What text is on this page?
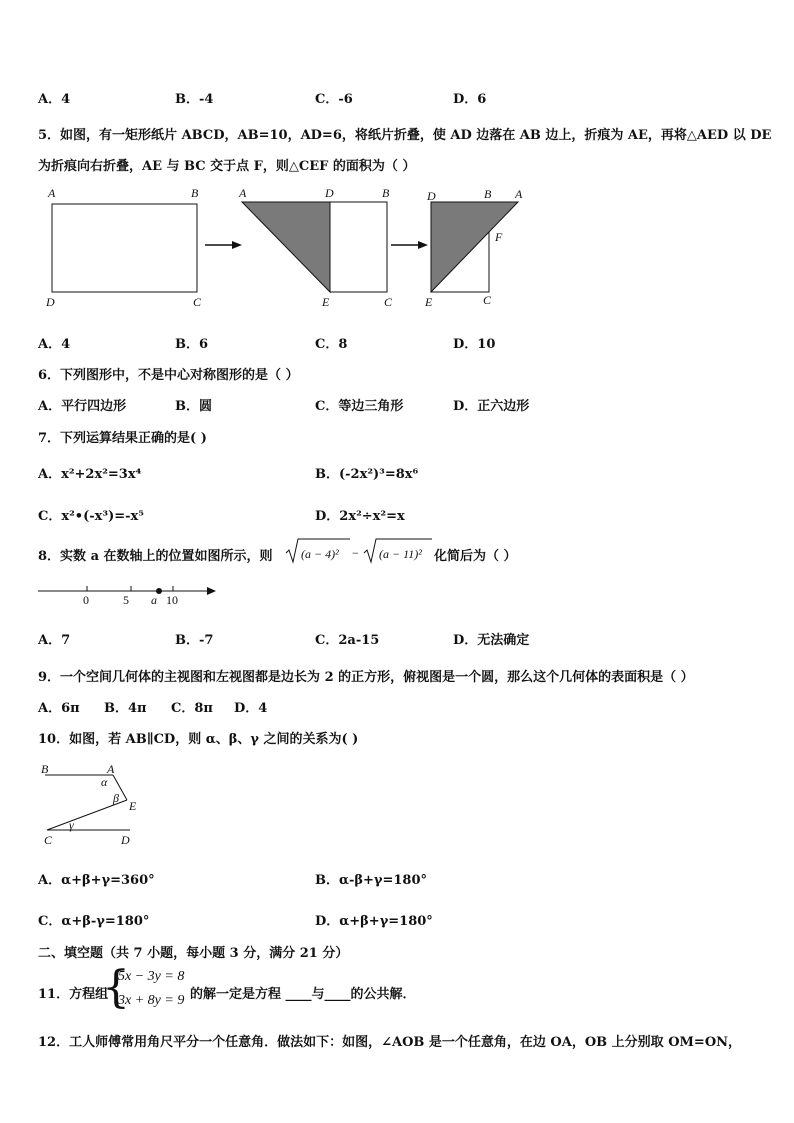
A．4	B．-4	C．-6	D．6
5．如图，有一矩形纸片 ABCD，AB=10，AD=6，将纸片折叠，使 AD 边落在 AB 边上，折痕为 AE，再将△AED 以 DE
为折痕向右折叠，AE 与 BC 交于点 F，则△CEF 的面积为（ ）
A	B
D	C
A	D	B
E	C
D	B A
F
E	C
A．4	B．6	C．8	D．10
6．下列图形中，不是中心对称图形的是（ ）
A．平行四边形	B．圆	C．等边三角形	D．正六边形
7．下列运算结果正确的是( )
A．x²+2x²=3x⁴	B．(-2x²)³=8x⁶
C．x²•(-x³)=-x⁵	D．2x²÷x²=x
8．实数 a 在数轴上的位置如图所示，则 (a − 4)² − (a − 11)² 化简后为（ ）
0	5 a 10
A．7	B．-7	C．2a-15	D．无法确定
9．一个空间几何体的主视图和左视图都是边长为 2 的正方形，俯视图是一个圆，那么这个几何体的表面积是（ ）
A．6π B．4π C．8π D．4
10．如图，若 AB∥CD，则 α、β、γ 之间的关系为( )
B	A
α
β
E
γ
C	D
A．α+β+γ=360°	B．α-β+γ=180°
C．α+β-γ=180°	D．α+β+γ=180°
二、填空题（共 7 小题，每小题 3 分，满分 21 分）
11．方程组
{
5x − 3y = 8
3x + 8y = 9 的解一定是方程 ____与____的公共解．
12．工人师傅常用角尺平分一个任意角．做法如下：如图，∠AOB 是一个任意角，在边 OA，OB 上分别取 OM=ON，
